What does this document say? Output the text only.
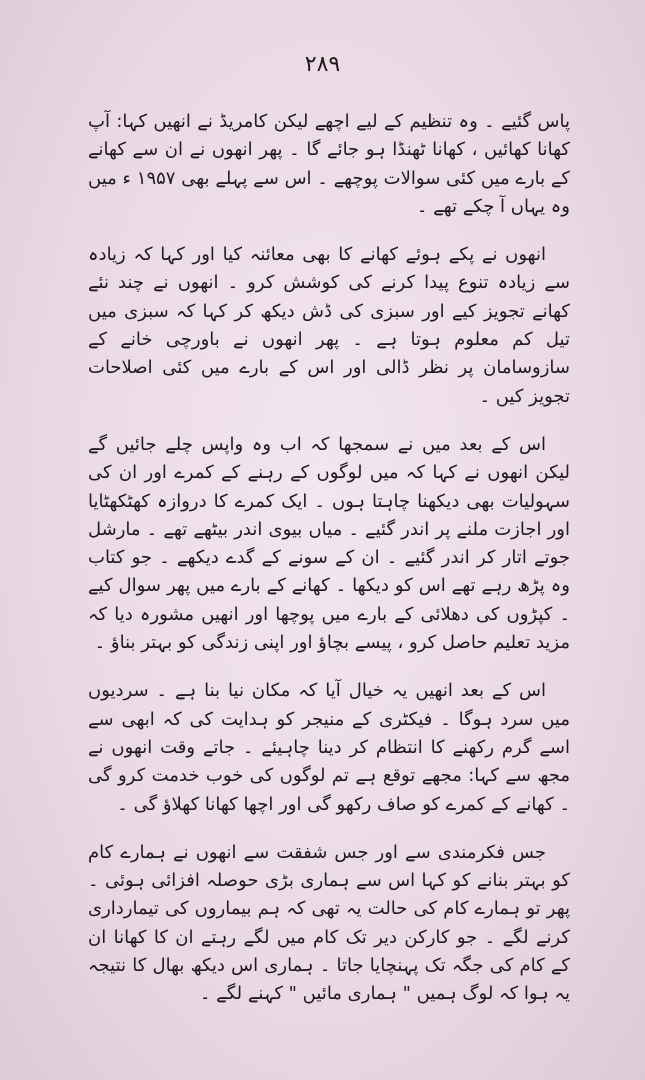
۲۸۹

پاس گئیے ۔ وہ تنظیم کے لیے اچھے لیکن کامریڈ نے انھیں کہا: آپ کھانا کھائیں ، کھانا ٹھنڈا ہو جائے گا ۔ پھر انھوں نے ان سے کھانے کے بارے میں کئی سوالات پوچھے ۔ اس سے پہلے بھی ۱۹۵۷ ء میں وہ یہاں آ چکے تھے ۔

انھوں نے پکے ہوئے کھانے کا بھی معائنہ کیا اور کہا کہ زیادہ سے زیادہ تنوع پیدا کرنے کی کوشش کرو ۔ انھوں نے چند نئے کھانے تجویز کیے اور سبزی کی ڈش دیکھ کر کہا کہ سبزی میں تیل کم معلوم ہوتا ہے ۔ پھر انھوں نے باورچی خانے کے سازوسامان پر نظر ڈالی اور اس کے بارے میں کئی اصلاحات تجویز کیں ۔

اس کے بعد میں نے سمجھا کہ اب وہ واپس چلے جائیں گے لیکن انھوں نے کہا کہ میں لوگوں کے رہنے کے کمرے اور ان کی سہولیات بھی دیکھنا چاہتا ہوں ۔ ایک کمرے کا دروازہ کھٹکھٹایا اور اجازت ملنے پر اندر گئیے ۔ میاں بیوی اندر بیٹھے تھے ۔ مارشل جوتے اتار کر اندر گئیے ۔ ان کے سونے کے گدے دیکھے ۔ جو کتاب وہ پڑھ رہے تھے اس کو دیکھا ۔ کھانے کے بارے میں پھر سوال کیے ۔ کپڑوں کی دھلائی کے بارے میں پوچھا اور انھیں مشورہ دیا کہ مزید تعلیم حاصل کرو ، پیسے بچاؤ اور اپنی زندگی کو بہتر بناؤ ۔

اس کے بعد انھیں یہ خیال آیا کہ مکان نیا بنا ہے ۔ سردیوں میں سرد ہوگا ۔ فیکٹری کے منیجر کو ہدایت کی کہ ابھی سے اسے گرم رکھنے کا انتظام کر دینا چاہیئے ۔ جاتے وقت انھوں نے مجھ سے کہا: مجھے توقع ہے تم لوگوں کی خوب خدمت کرو گی ۔ کھانے کے کمرے کو صاف رکھو گی اور اچھا کھانا کھلاؤ گی ۔

جس فکرمندی سے اور جس شفقت سے انھوں نے ہمارے کام کو بہتر بنانے کو کہا اس سے ہماری بڑی حوصلہ افزائی ہوئی ۔ پھر تو ہمارے کام کی حالت یہ تھی کہ ہم بیماروں کی تیمارداری کرنے لگے ۔ جو کارکن دیر تک کام میں لگے رہتے ان کا کھانا ان کے کام کی جگہ تک پہنچایا جاتا ۔ ہماری اس دیکھ بھال کا نتیجہ یہ ہوا کہ لوگ ہمیں " ہماری مائیں " کہنے لگے ۔
